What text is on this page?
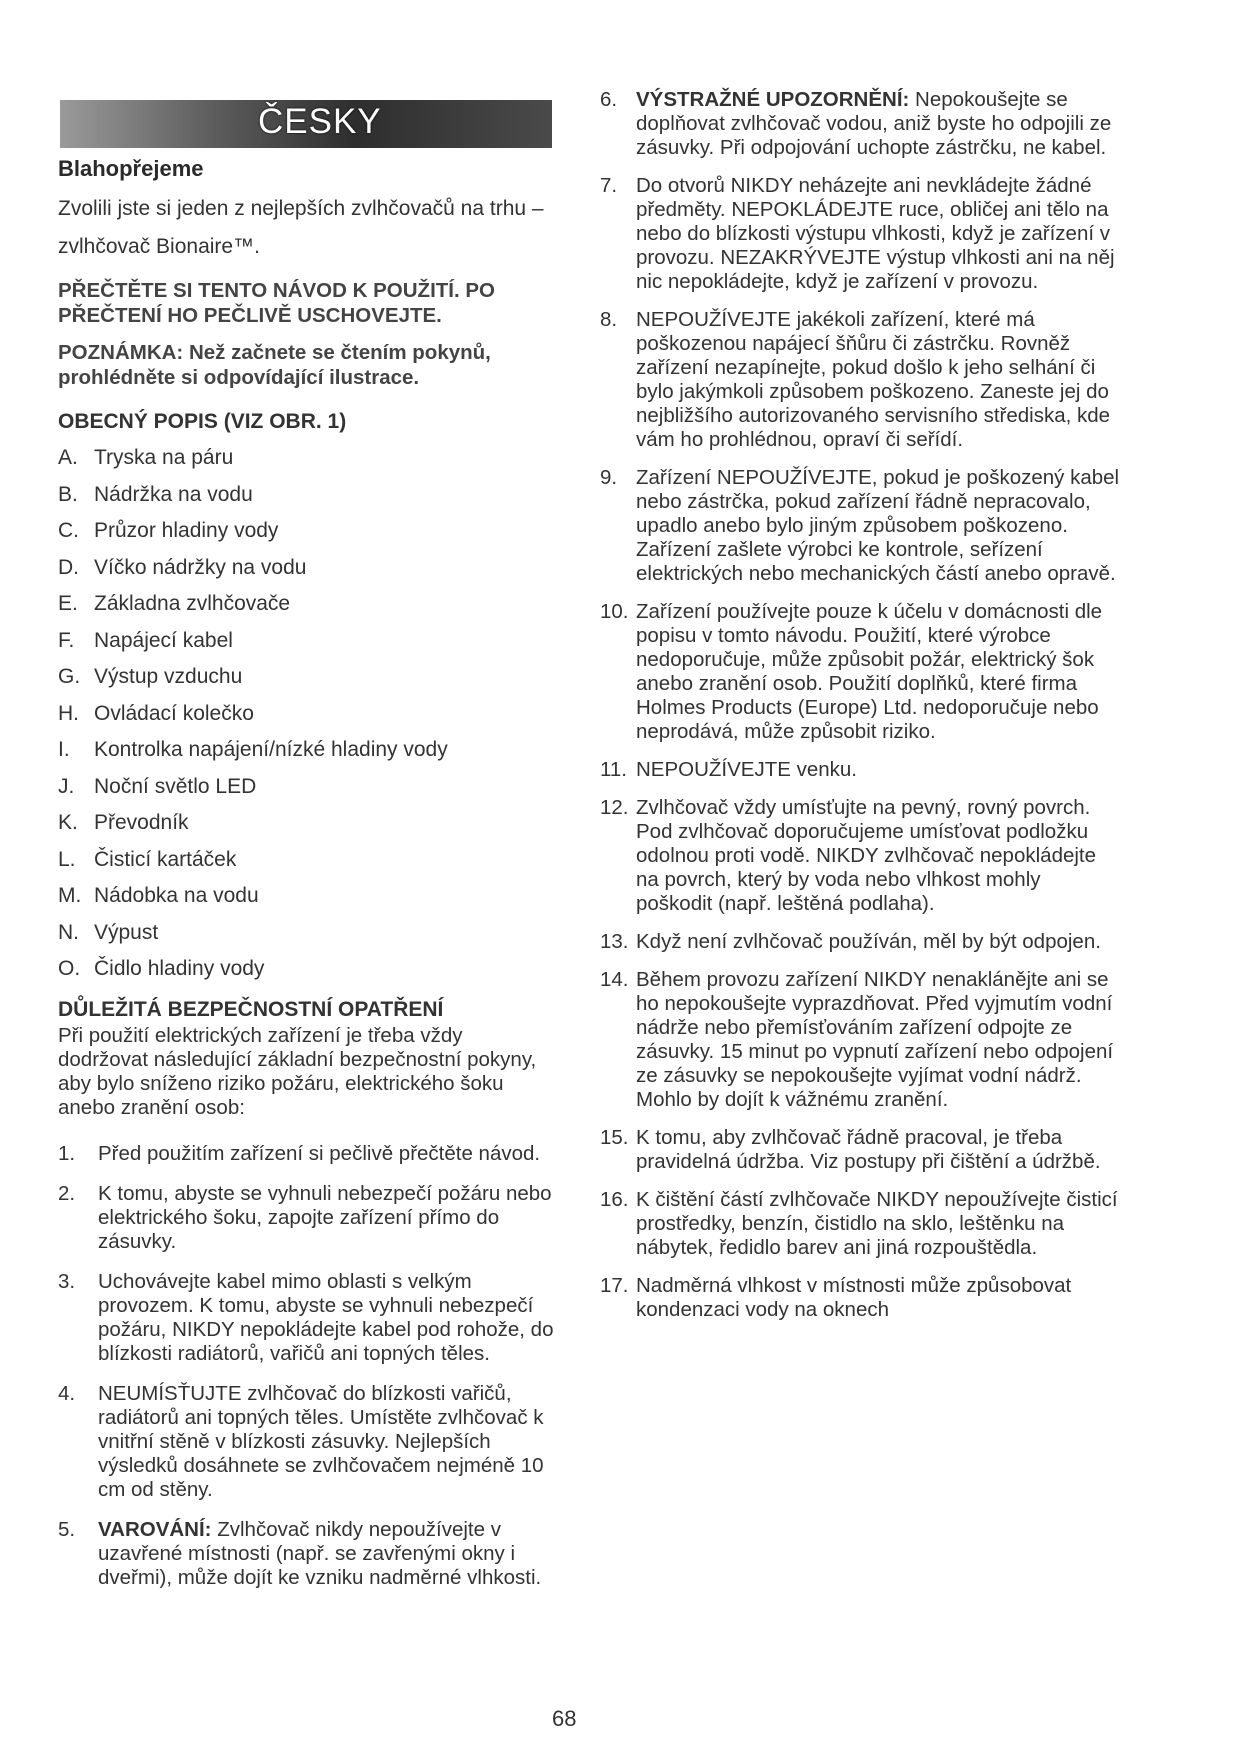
ČESKY
Blahopřejeme
Zvolili jste si jeden z nejlepších zvlhčovačů na trhu – zvlhčovač Bionaire™.
PŘEČTĚTE SI TENTO NÁVOD K POUŽITÍ. PO PŘEČTENÍ HO PEČLIVĚ USCHOVEJTE.
POZNÁMKA: Než začnete se čtením pokynů, prohlédněte si odpovídající ilustrace.
OBECNÝ POPIS (VIZ OBR. 1)
A. Tryska na páru
B. Nádržka na vodu
C. Průzor hladiny vody
D. Víčko nádržky na vodu
E. Základna zvlhčovače
F. Napájecí kabel
G. Výstup vzduchu
H. Ovládací kolečko
I.	Kontrolka napájení/nízké hladiny vody
J. Noční světlo LED
K. Převodník
L. Čisticí kartáček
M. Nádobka na vodu
N. Výpust
O. Čidlo hladiny vody
DŮLEŽITÁ BEZPEČNOSTNÍ OPATŘENÍ
Při použití elektrických zařízení je třeba vždy dodržovat následující základní bezpečnostní pokyny, aby bylo sníženo riziko požáru, elektrického šoku anebo zranění osob:
1.	Před použitím zařízení si pečlivě přečtěte návod.
2.	K tomu, abyste se vyhnuli nebezpečí požáru nebo elektrického šoku, zapojte zařízení přímo do zásuvky.
3.	Uchovávejte kabel mimo oblasti s velkým provozem. K tomu, abyste se vyhnuli nebezpečí požáru, NIKDY nepokládejte kabel pod rohože, do blízkosti radiátorů, vařičů ani topných těles.
4.	NEUMÍSŤUJTE zvlhčovač do blízkosti vařičů, radiátorů ani topných těles. Umístěte zvlhčovač k vnitřní stěně v blízkosti zásuvky. Nejlepších výsledků dosáhnete se zvlhčovačem nejméně 10 cm od stěny.
5.	VAROVÁNÍ: Zvlhčovač nikdy nepoužívejte v uzavřené místnosti (např. se zavřenými okny i dveřmi), může dojít ke vzniku nadměrné vlhkosti.
6. VÝSTRAŽNÉ UPOZORNĚNÍ: Nepokoušejte se doplňovat zvlhčovač vodou, aniž byste ho odpojili ze zásuvky. Při odpojování uchopte zástrčku, ne kabel.
7. Do otvorů NIKDY neházejte ani nevkládejte žádné předměty. NEPOKLÁDEJTE ruce, obličej ani tělo na nebo do blízkosti výstupu vlhkosti, když je zařízení v provozu. NEZAKRÝVEJTE výstup vlhkosti ani na něj nic nepokládejte, když je zařízení v provozu.
8. NEPOUŽÍVEJTE jakékoli zařízení, které má poškozenou napájecí šňůru či zástrčku. Rovněž zařízení nezapínejte, pokud došlo k jeho selhání či bylo jakýmkoli způsobem poškozeno. Zaneste jej do nejbližšího autorizovaného servisního střediska, kde vám ho prohlédnou, opraví či seřídí.
9. Zařízení NEPOUŽÍVEJTE, pokud je poškozený kabel nebo zástrčka, pokud zařízení řádně nepracovalo, upadlo anebo bylo jiným způsobem poškozeno. Zařízení zašlete výrobci ke kontrole, seřízení elektrických nebo mechanických částí anebo opravě.
10. Zařízení používejte pouze k účelu v domácnosti dle popisu v tomto návodu. Použití, které výrobce nedoporučuje, může způsobit požár, elektrický šok anebo zranění osob. Použití doplňků, které firma Holmes Products (Europe) Ltd. nedoporučuje nebo neprodává, může způsobit riziko.
11. NEPOUŽÍVEJTE venku.
12. Zvlhčovač vždy umísťujte na pevný, rovný povrch. Pod zvlhčovač doporučujeme umísťovat podložku odolnou proti vodě. NIKDY zvlhčovač nepokládejte na povrch, který by voda nebo vlhkost mohly poškodit (např. leštěná podlaha).
13. Když není zvlhčovač používán, měl by být odpojen.
14. Během provozu zařízení NIKDY nenaklánějte ani se ho nepokoušejte vyprazdňovat. Před vyjmutím vodní nádrže nebo přemísťováním zařízení odpojte ze zásuvky. 15 minut po vypnutí zařízení nebo odpojení ze zásuvky se nepokoušejte vyjímat vodní nádrž. Mohlo by dojít k vážnému zranění.
15. K tomu, aby zvlhčovač řádně pracoval, je třeba pravidelná údržba. Viz postupy při čištění a údržbě.
16. K čištění částí zvlhčovače NIKDY nepoužívejte čisticí prostředky, benzín, čistidlo na sklo, leštěnku na nábytek, ředidlo barev ani jiná rozpouštědla.
17. Nadměrná vlhkost v místnosti může způsobovat kondenzaci vody na oknech
68
